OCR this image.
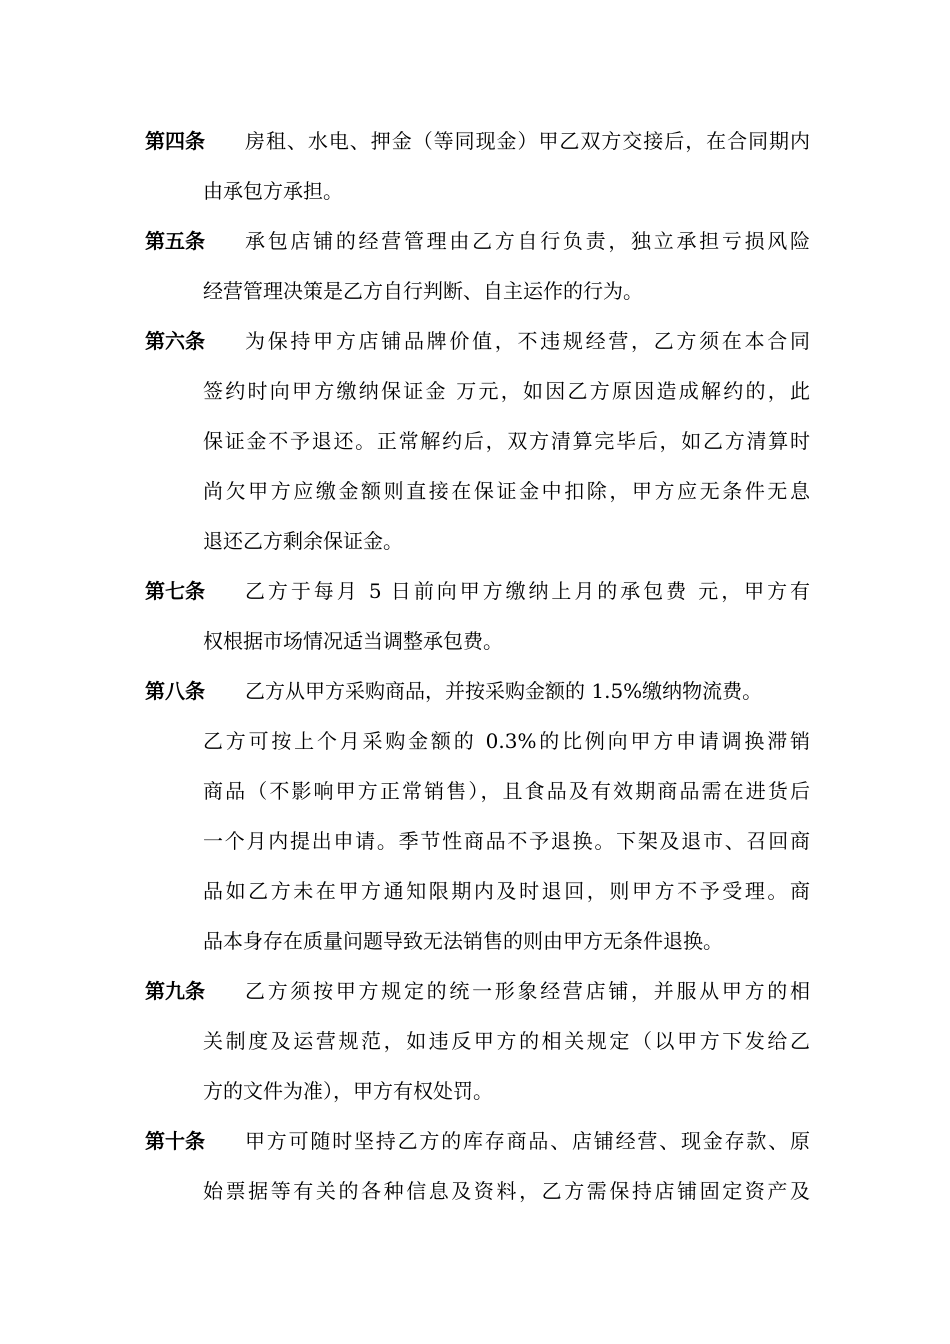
第四条 房租、水电、押金（等同现金）甲乙双方交接后，在合同期内
由承包方承担。
第五条 承包店铺的经营管理由乙方自行负责，独立承担亏损风险
经营管理决策是乙方自行判断、自主运作的行为。
第六条 为保持甲方店铺品牌价值，不违规经营，乙方须在本合同
签约时向甲方缴纳保证金 万元，如因乙方原因造成解约的，此
保证金不予退还。正常解约后，双方清算完毕后，如乙方清算时
尚欠甲方应缴金额则直接在保证金中扣除，甲方应无条件无息
退还乙方剩余保证金。
第七条 乙方于每月 5 日前向甲方缴纳上月的承包费 元，甲方有
权根据市场情况适当调整承包费。
第八条 乙方从甲方采购商品，并按采购金额的 1.5%缴纳物流费。
乙方可按上个月采购金额的 0.3%的比例向甲方申请调换滞销
商品（不影响甲方正常销售），且食品及有效期商品需在进货后
一个月内提出申请。季节性商品不予退换。下架及退市、召回商
品如乙方未在甲方通知限期内及时退回，则甲方不予受理。商
品本身存在质量问题导致无法销售的则由甲方无条件退换。
第九条 乙方须按甲方规定的统一形象经营店铺，并服从甲方的相
关制度及运营规范，如违反甲方的相关规定（以甲方下发给乙
方的文件为准），甲方有权处罚。
第十条 甲方可随时坚持乙方的库存商品、店铺经营、现金存款、原
始票据等有关的各种信息及资料，乙方需保持店铺固定资产及
